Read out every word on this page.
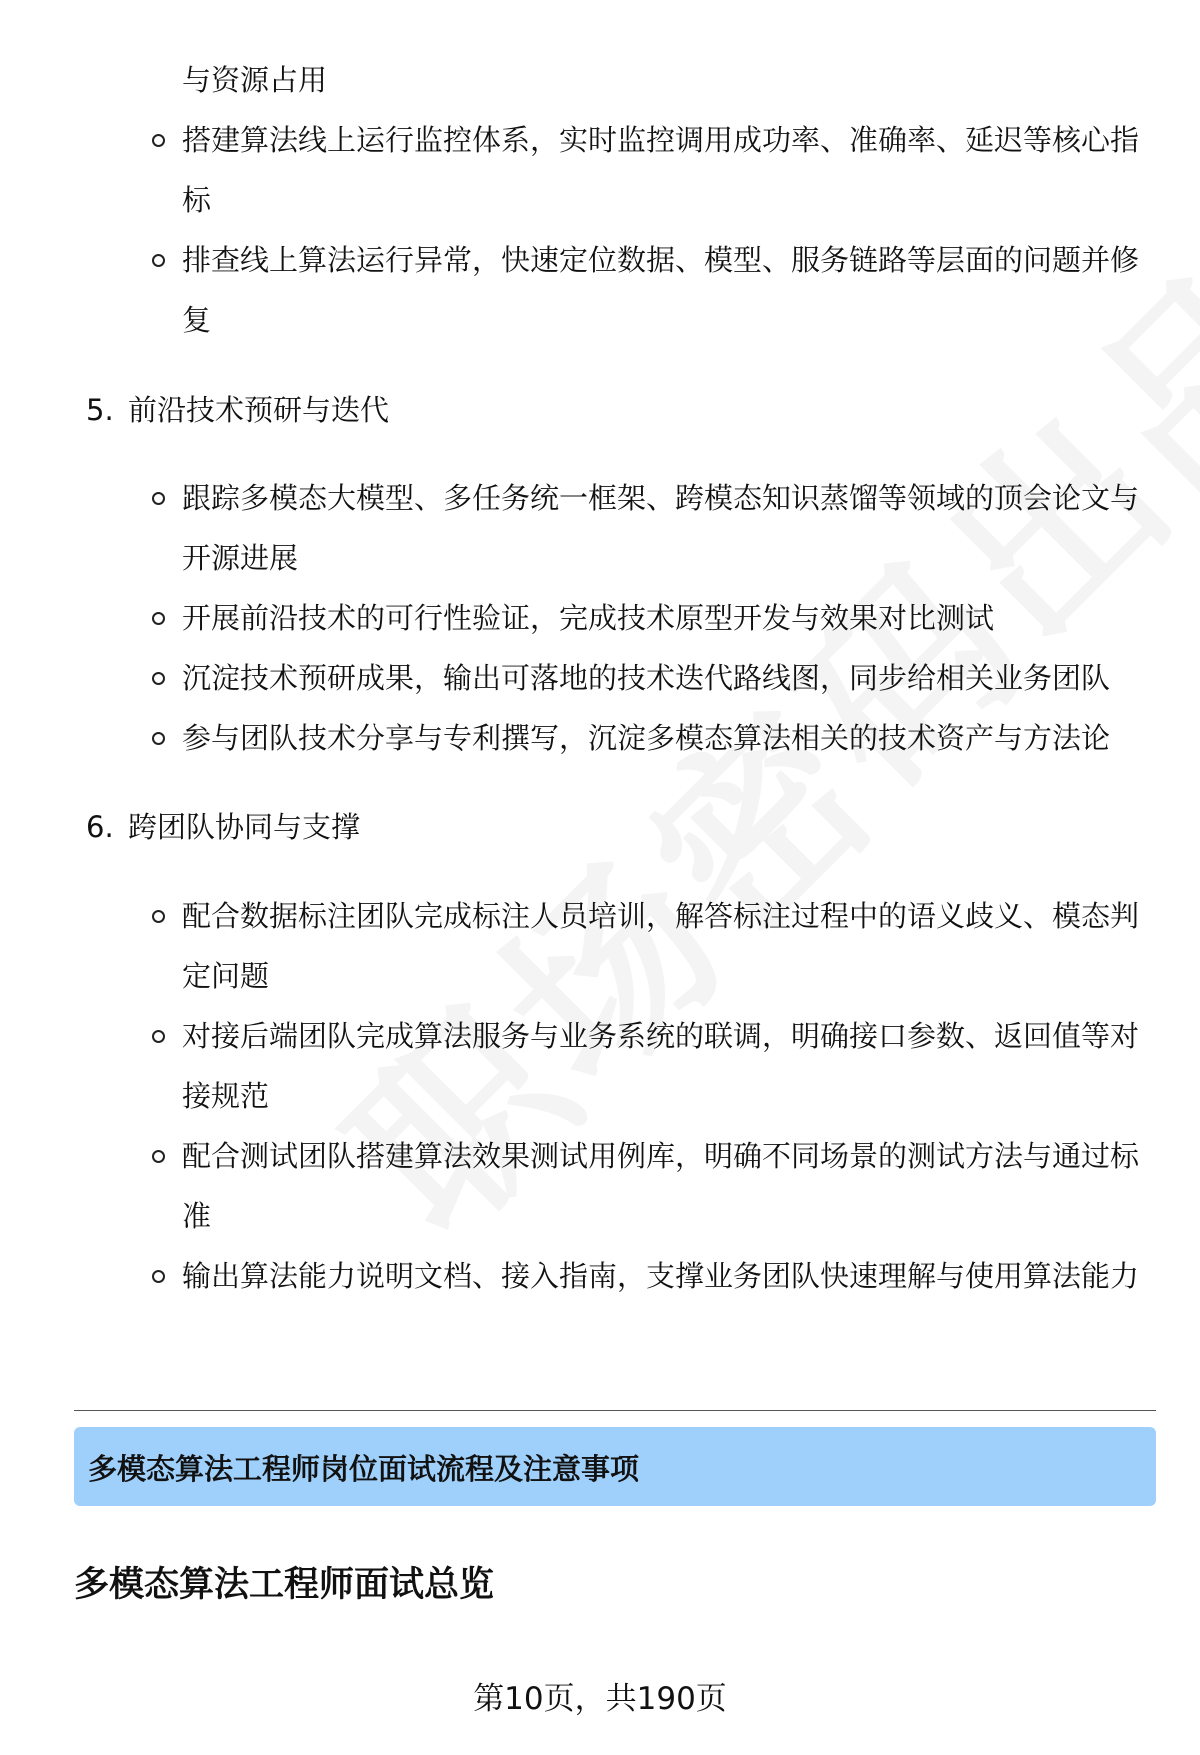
与资源占用
搭建算法线上运行监控体系，实时监控调用成功率、准确率、延迟等核心指标
排查线上算法运行异常，快速定位数据、模型、服务链路等层面的问题并修复
5. 前沿技术预研与迭代
跟踪多模态大模型、多任务统一框架、跨模态知识蒸馏等领域的顶会论文与开源进展
开展前沿技术的可行性验证，完成技术原型开发与效果对比测试
沉淀技术预研成果，输出可落地的技术迭代路线图，同步给相关业务团队
参与团队技术分享与专利撰写，沉淀多模态算法相关的技术资产与方法论
6. 跨团队协同与支撑
配合数据标注团队完成标注人员培训，解答标注过程中的语义歧义、模态判定问题
对接后端团队完成算法服务与业务系统的联调，明确接口参数、返回值等对接规范
配合测试团队搭建算法效果测试用例库，明确不同场景的测试方法与通过标准
输出算法能力说明文档、接入指南，支撑业务团队快速理解与使用算法能力
多模态算法工程师岗位面试流程及注意事项
多模态算法工程师面试总览
第10页，共190页
